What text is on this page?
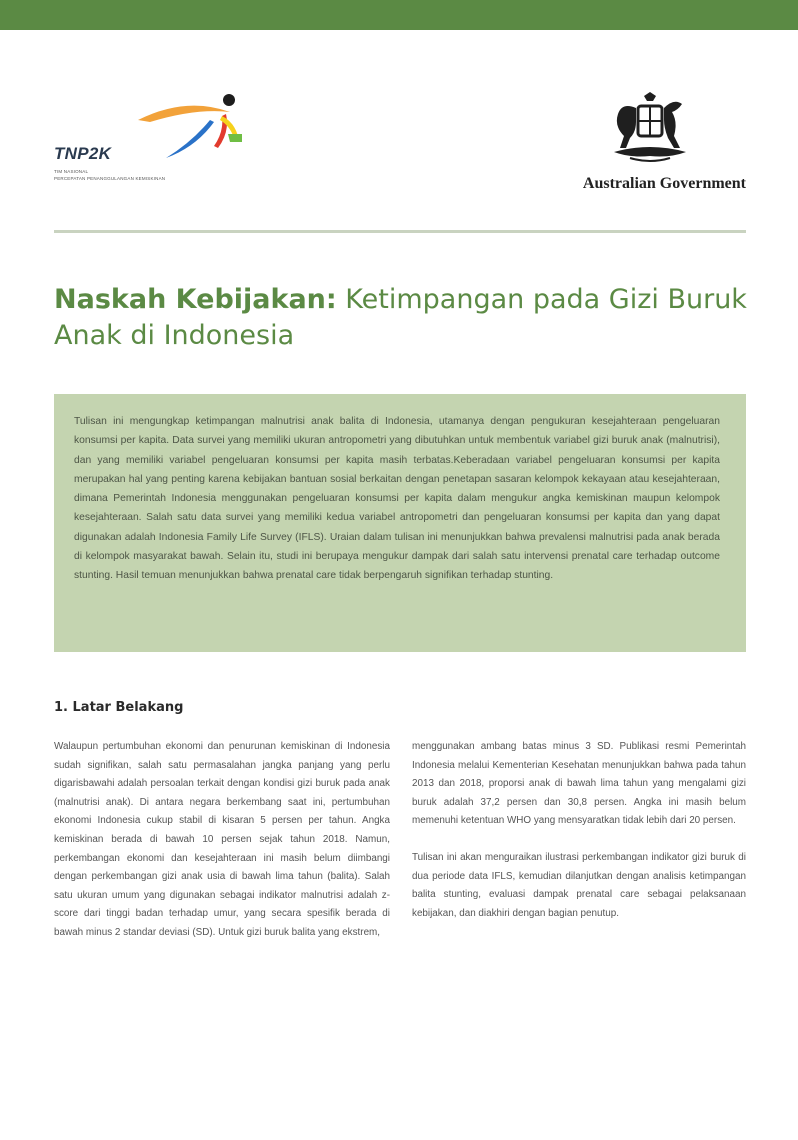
TNP2K
TIM NASIONAL
PERCEPATAN PENANGGULANGAN KEMISKINAN	Australian Government
Naskah Kebijakan: Ketimpangan pada Gizi Buruk Anak di Indonesia

Tulisan ini mengungkap ketimpangan malnutrisi anak balita di Indonesia, utamanya dengan pengukuran kesejahteraan pengeluaran konsumsi per kapita. Data survei yang memiliki ukuran antropometri yang dibutuhkan untuk membentuk variabel gizi buruk anak (malnutrisi), dan yang memiliki variabel pengeluaran konsumsi per kapita masih terbatas.Keberadaan variabel pengeluaran konsumsi per kapita merupakan hal yang penting karena kebijakan bantuan sosial berkaitan dengan penetapan sasaran kelompok kekayaan atau kesejahteraan, dimana Pemerintah Indonesia menggunakan pengeluaran konsumsi per kapita dalam mengukur angka kemiskinan maupun kelompok kesejahteraan. Salah satu data survei yang memiliki kedua variabel antropometri dan pengeluaran konsumsi per kapita dan yang dapat digunakan adalah Indonesia Family Life Survey (IFLS). Uraian dalam tulisan ini menunjukkan bahwa prevalensi malnutrisi pada anak berada di kelompok masyarakat bawah. Selain itu, studi ini berupaya mengukur dampak dari salah satu intervensi prenatal care terhadap outcome stunting. Hasil temuan menunjukkan bahwa prenatal care tidak berpengaruh signifikan terhadap stunting.

1. Latar Belakang

Walaupun pertumbuhan ekonomi dan penurunan kemiskinan di Indonesia sudah signifikan, salah satu permasalahan jangka panjang yang perlu digarisbawahi adalah persoalan terkait dengan kondisi gizi buruk pada anak (malnutrisi anak). Di antara negara berkembang saat ini, pertumbuhan ekonomi Indonesia cukup stabil di kisaran 5 persen per tahun. Angka kemiskinan berada di bawah 10 persen sejak tahun 2018. Namun, perkembangan ekonomi dan kesejahteraan ini masih belum diimbangi dengan perkembangan gizi anak usia di bawah lima tahun (balita). Salah satu ukuran umum yang digunakan sebagai indikator malnutrisi adalah z-score dari tinggi badan terhadap umur, yang secara spesifik berada di bawah minus 2 standar deviasi (SD). Untuk gizi buruk balita yang ekstrem,

menggunakan ambang batas minus 3 SD. Publikasi resmi Pemerintah Indonesia melalui Kementerian Kesehatan menunjukkan bahwa pada tahun 2013 dan 2018, proporsi anak di bawah lima tahun yang mengalami gizi buruk adalah 37,2 persen dan 30,8 persen. Angka ini masih belum memenuhi ketentuan WHO yang mensyaratkan tidak lebih dari 20 persen.

Tulisan ini akan menguraikan ilustrasi perkembangan indikator gizi buruk di dua periode data IFLS, kemudian dilanjutkan dengan analisis ketimpangan balita stunting, evaluasi dampak prenatal care sebagai pelaksanaan kebijakan, dan diakhiri dengan bagian penutup.
